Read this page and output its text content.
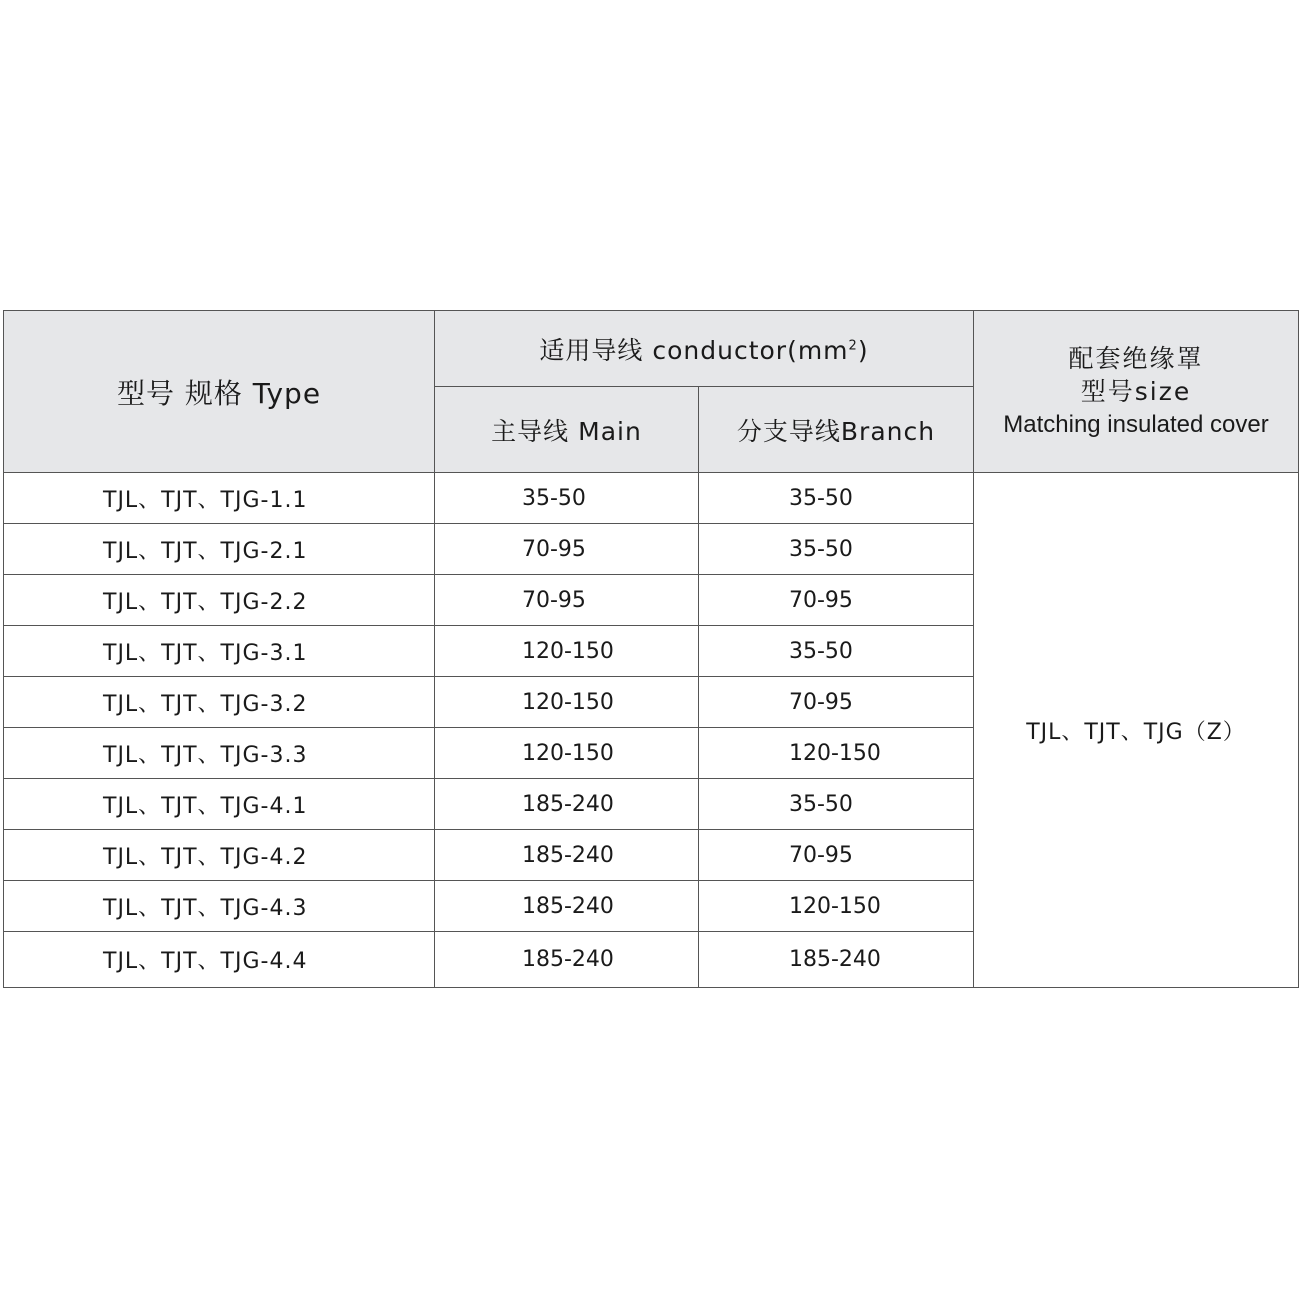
型号 规格 Type	适用导线 $conductor(mm^2)$		配套绝缘罩
型号size
Matching insulated cover

	主导线 Main	分支导线Branch	
TJL、TJT、TJG-1.1	35-50	35-50	TJL、TJT、TJG（Z）
TJL、TJT、TJG-2.1	70-95	35-50	
TJL、TJT、TJG-2.2	70-95	70-95	
TJL、TJT、TJG-3.1	120-150	35-50	
TJL、TJT、TJG-3.2	120-150	70-95	
TJL、TJT、TJG-3.3	120-150	120-150	
TJL、TJT、TJG-4.1	185-240	35-50	
TJL、TJT、TJG-4.2	185-240	70-95	
TJL、TJT、TJG-4.3	185-240	120-150	
TJL、TJT、TJG-4.4	185-240	185-240	
